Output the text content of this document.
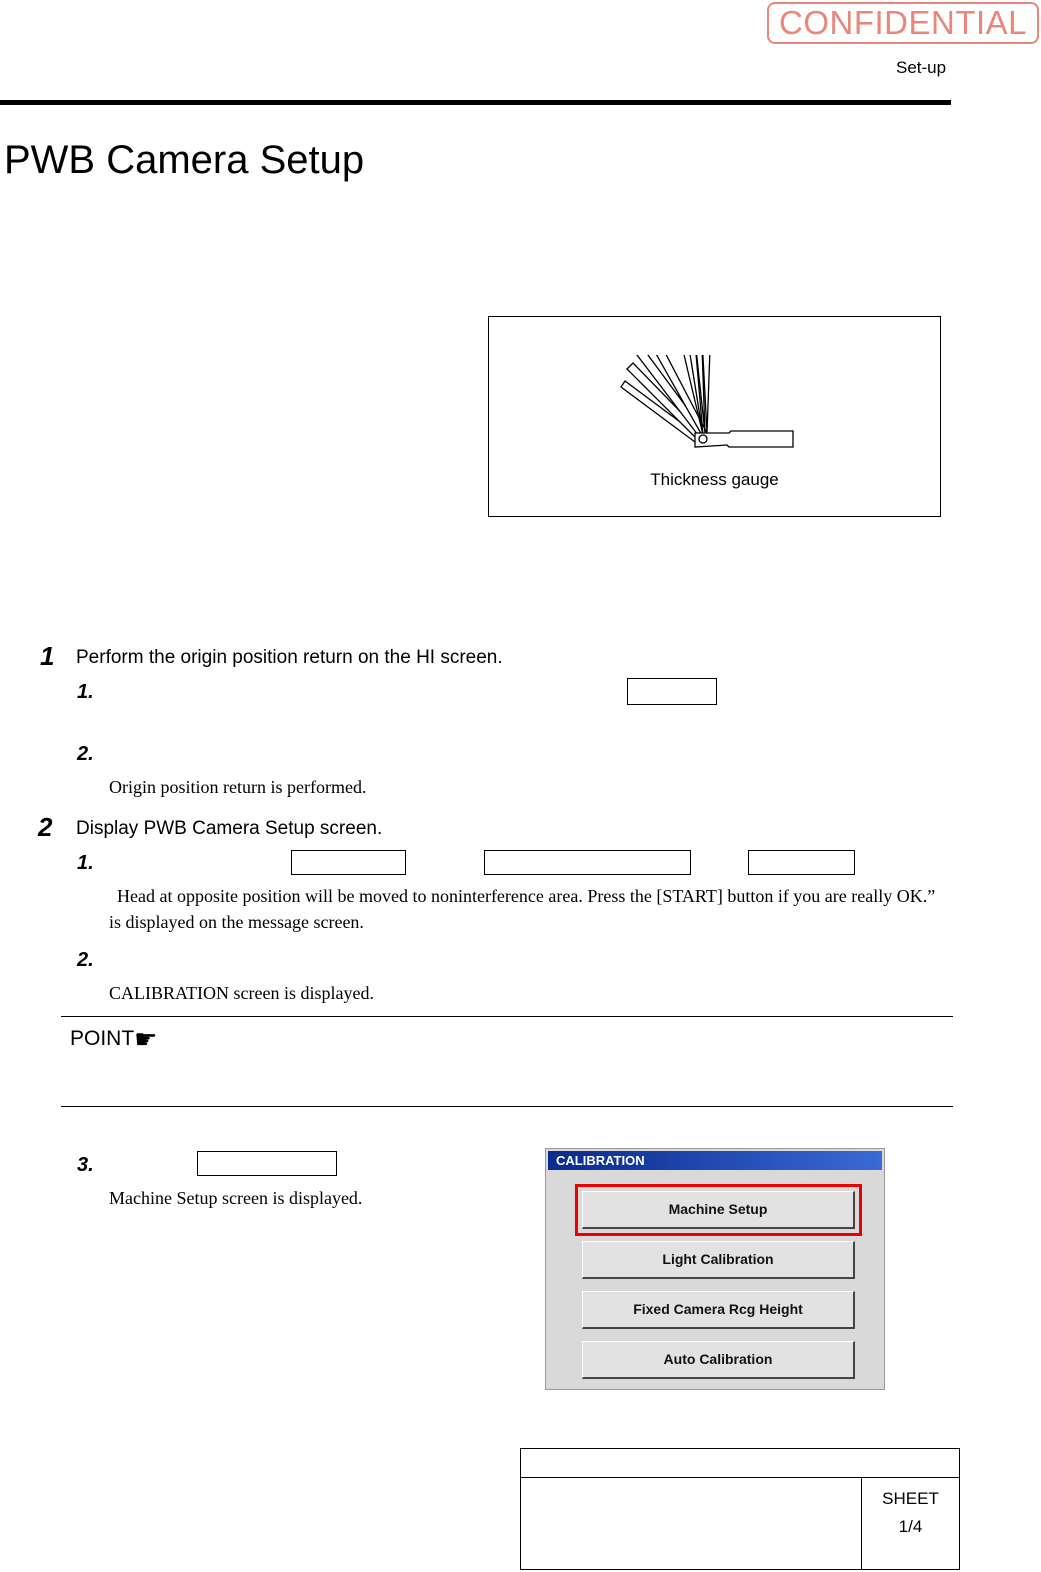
CONFIDENTIAL
Set-up
PWB Camera Setup
Thickness gauge
1 Perform the origin position return on the HI screen.
1.
2.
Origin position return is performed.
2 Display PWB Camera Setup screen.
1.
Head at opposite position will be moved to noninterference area. Press the [START] button if you are really OK.”
is displayed on the message screen.
2.
CALIBRATION screen is displayed.
POINT☛
3.
Machine Setup screen is displayed.
CALIBRATION
Machine Setup
Light Calibration
Fixed Camera Rcg Height
Auto Calibration
SHEET
1/4
